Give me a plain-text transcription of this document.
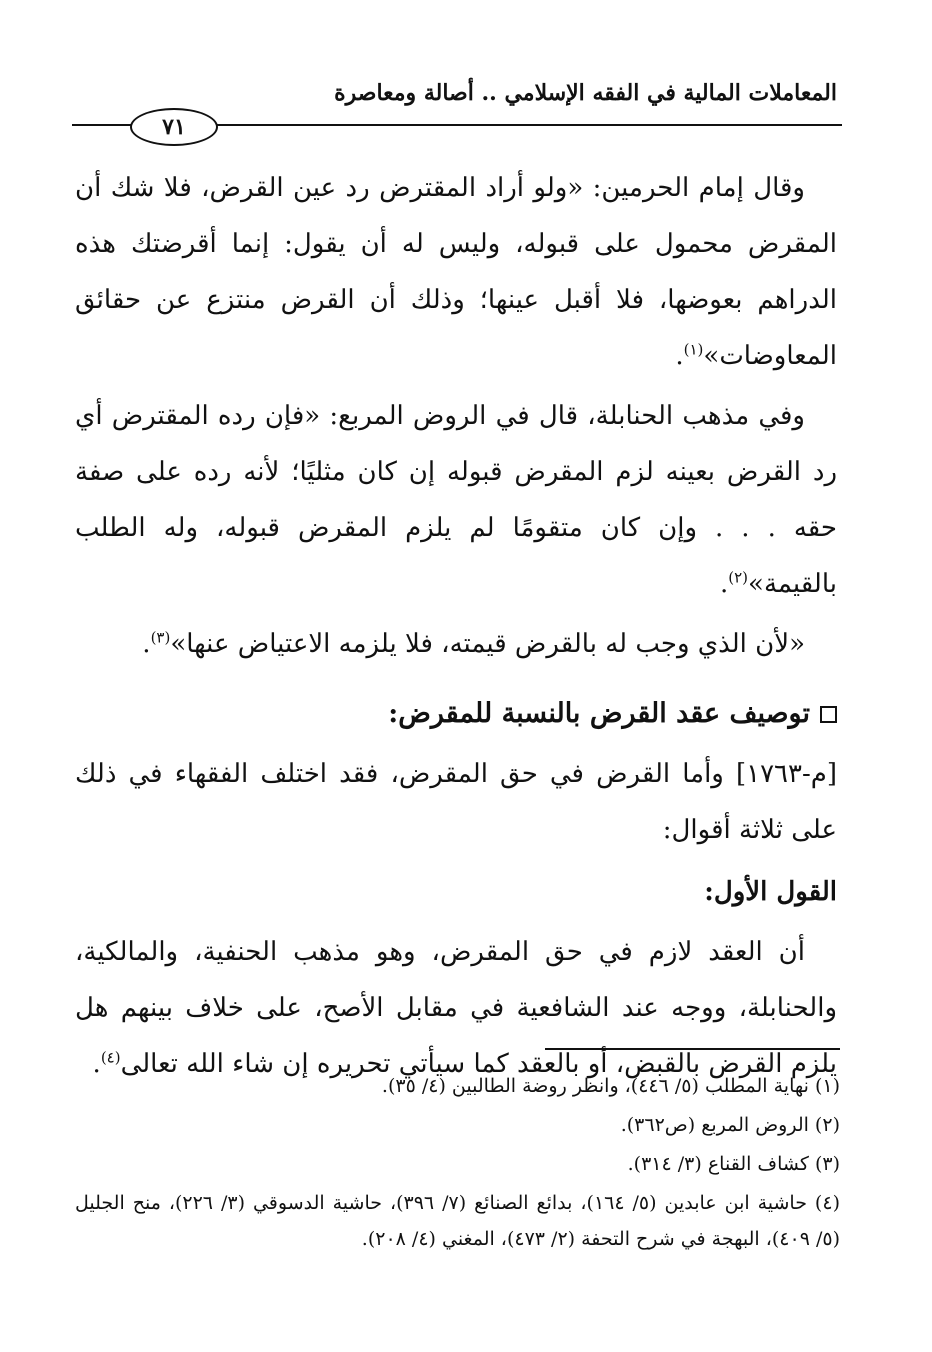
المعاملات المالية في الفقه الإسلامي .. أصالة ومعاصرة
٧١

وقال إمام الحرمين: «ولو أراد المقترض رد عين القرض، فلا شك أن المقرض محمول على قبوله، وليس له أن يقول: إنما أقرضتك هذه الدراهم بعوضها، فلا أقبل عينها؛ وذلك أن القرض منتزع عن حقائق المعاوضات»$^{(١)}$.

وفي مذهب الحنابلة، قال في الروض المربع: «فإن رده المقترض أي رد القرض بعينه لزم المقرض قبوله إن كان مثليًا؛ لأنه رده على صفة حقه . . . وإن كان متقومًا لم يلزم المقرض قبوله، وله الطلب بالقيمة»$^{(٢)}$.

«لأن الذي وجب له بالقرض قيمته، فلا يلزمه الاعتياض عنها»$^{(٣)}$.

توصيف عقد القرض بالنسبة للمقرض:

[م-١٧٦٣] وأما القرض في حق المقرض، فقد اختلف الفقهاء في ذلك على ثلاثة أقوال:

القول الأول:

أن العقد لازم في حق المقرض، وهو مذهب الحنفية، والمالكية، والحنابلة، ووجه عند الشافعية في مقابل الأصح، على خلاف بينهم هل يلزم القرض بالقبض، أو بالعقد كما سيأتي تحريره إن شاء الله تعالى$^{(٤)}$.

(١) نهاية المطلب (٥/ ٤٤٦)، وانظر روضة الطالبين (٤/ ٣٥).

(٢) الروض المربع (ص٣٦٢).

(٣) كشاف القناع (٣/ ٣١٤).

(٤) حاشية ابن عابدين (٥/ ١٦٤)، بدائع الصنائع (٧/ ٣٩٦)، حاشية الدسوقي (٣/ ٢٢٦)، منح الجليل (٥/ ٤٠٩)، البهجة في شرح التحفة (٢/ ٤٧٣)، المغني (٤/ ٢٠٨).
